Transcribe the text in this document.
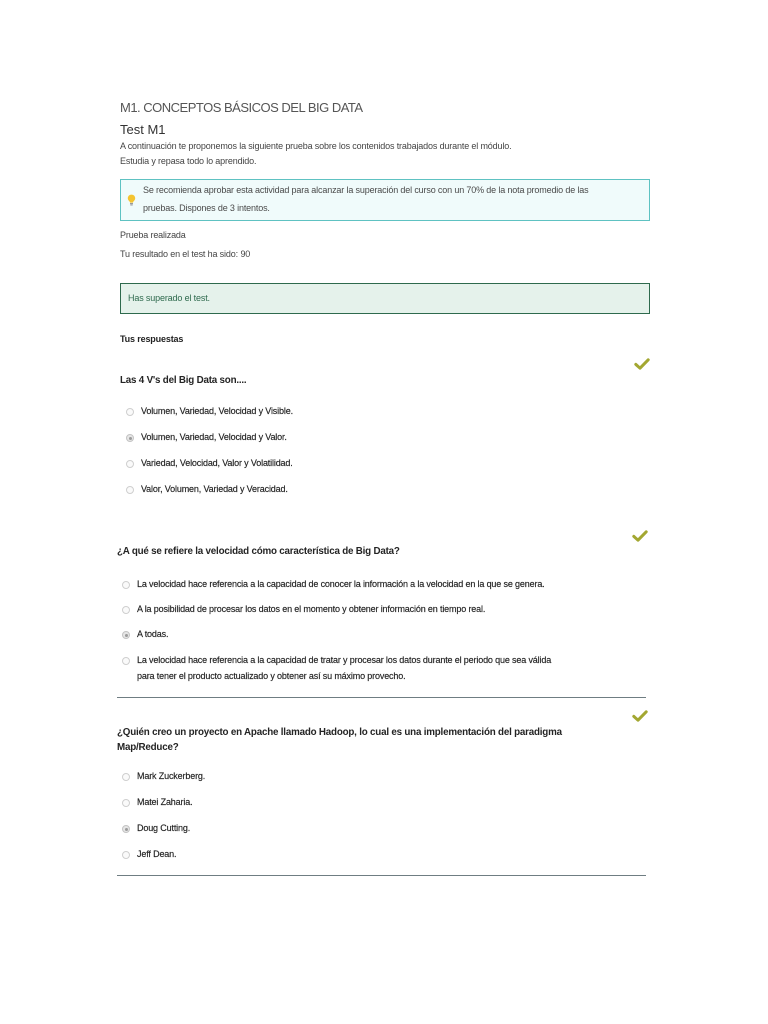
M1. CONCEPTOS BÁSICOS DEL BIG DATA
Test M1
A continuación te proponemos la siguiente prueba sobre los contenidos trabajados durante el módulo.
Estudia y repasa todo lo aprendido.
Se recomienda aprobar esta actividad para alcanzar la superación del curso con un 70% de la nota promedio de las
pruebas. Dispones de 3 intentos.
Prueba realizada
Tu resultado en el test ha sido: 90
Has superado el test.
Tus respuestas
Las 4 V's del Big Data son....
Volumen, Variedad, Velocidad y Visible.
Volumen, Variedad, Velocidad y Valor.
Variedad, Velocidad, Valor y Volatilidad.
Valor, Volumen, Variedad y Veracidad.
¿A qué se refiere la velocidad cómo característica de Big Data?
La velocidad hace referencia a la capacidad de conocer la información a la velocidad en la que se genera.
A la posibilidad de procesar los datos en el momento y obtener información en tiempo real.
A todas.
La velocidad hace referencia a la capacidad de tratar y procesar los datos durante el periodo que sea válida
para tener el producto actualizado y obtener así su máximo provecho.
¿Quién creo un proyecto en Apache llamado Hadoop, lo cual es una implementación del paradigma
Map/Reduce?
Mark Zuckerberg.
Matei Zaharia.
Doug Cutting.
Jeff Dean.
